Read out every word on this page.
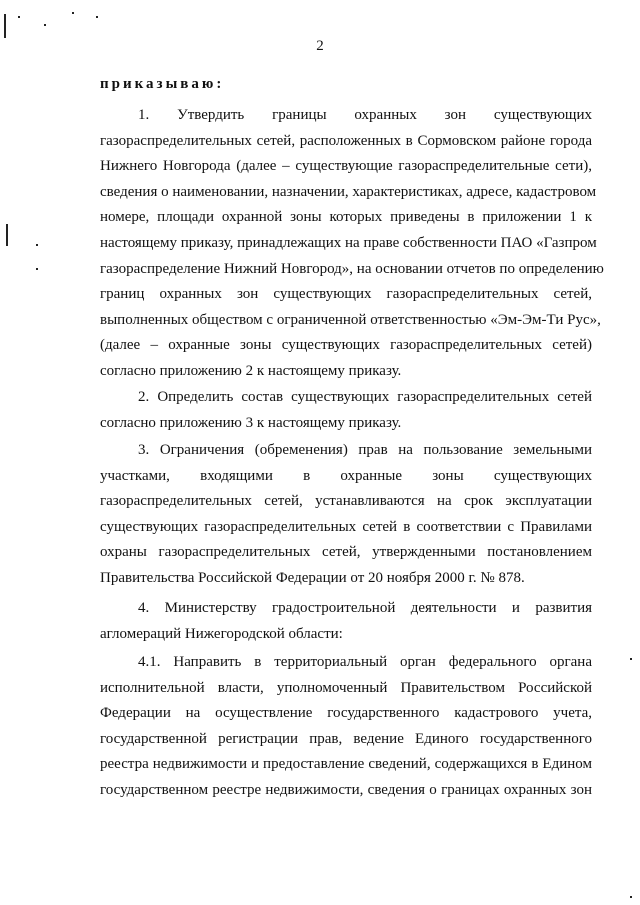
2
приказываю:
1. Утвердить границы охранных зон существующих
газораспределительных сетей, расположенных в Сормовском районе города
Нижнего Новгорода (далее – существующие газораспределительные сети),
сведения о наименовании, назначении, характеристиках, адресе, кадастровом
номере, площади охранной зоны которых приведены в приложении 1 к
настоящему приказу, принадлежащих на праве собственности ПАО «Газпром
газораспределение Нижний Новгород», на основании отчетов по определению
границ охранных зон существующих газораспределительных сетей,
выполненных обществом с ограниченной ответственностью «Эм-Эм-Ти Рус»,
(далее – охранные зоны существующих газораспределительных сетей)
согласно приложению 2 к настоящему приказу.
2. Определить состав существующих газораспределительных сетей
согласно приложению 3 к настоящему приказу.
3. Ограничения (обременения) прав на пользование земельными
участками, входящими в охранные зоны существующих
газораспределительных сетей, устанавливаются на срок эксплуатации
существующих газораспределительных сетей в соответствии с Правилами
охраны газораспределительных сетей, утвержденными постановлением
Правительства Российской Федерации от 20 ноября 2000 г. № 878.
4. Министерству градостроительной деятельности и развития
агломераций Нижегородской области:
4.1. Направить в территориальный орган федерального органа
исполнительной власти, уполномоченный Правительством Российской
Федерации на осуществление государственного кадастрового учета,
государственной регистрации прав, ведение Единого государственного
реестра недвижимости и предоставление сведений, содержащихся в Едином
государственном реестре недвижимости, сведения о границах охранных зон
